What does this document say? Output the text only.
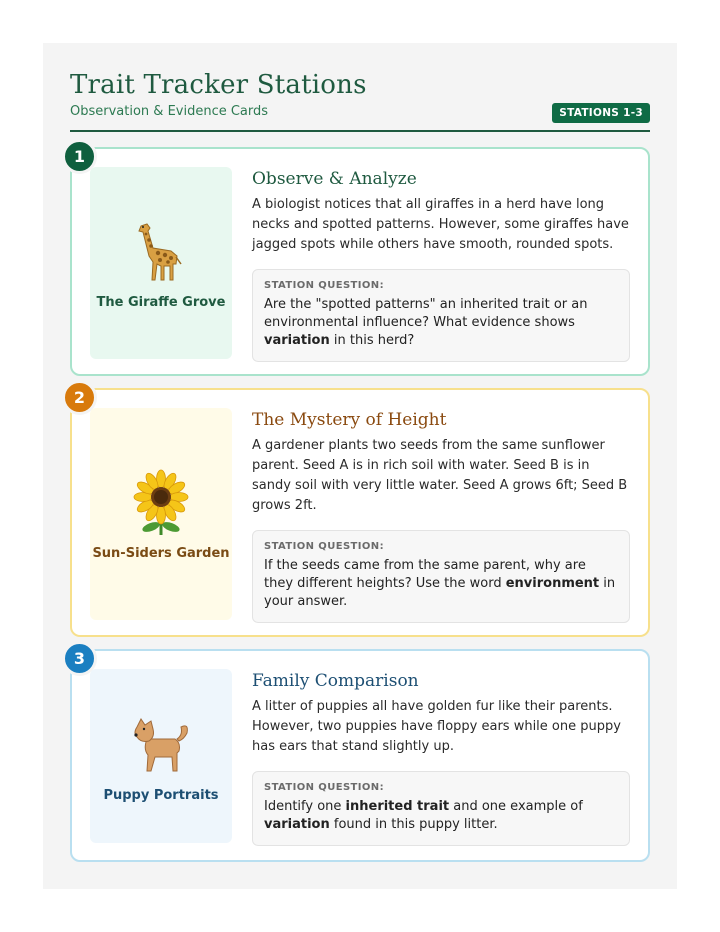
Trait Tracker Stations
Observation & Evidence Cards	STATIONS 1-3
1
The Giraffe Grove
Observe & Analyze
A biologist notices that all giraffes in a herd have long necks and spotted patterns. However, some giraffes have jagged spots while others have smooth, rounded spots.
STATION QUESTION:
Are the "spotted patterns" an inherited trait or an environmental influence? What evidence shows variation in this herd?
2
Sun-Siders Garden
The Mystery of Height
A gardener plants two seeds from the same sunflower parent. Seed A is in rich soil with water. Seed B is in sandy soil with very little water. Seed A grows 6ft; Seed B grows 2ft.
STATION QUESTION:
If the seeds came from the same parent, why are they different heights? Use the word environment in your answer.
3
Puppy Portraits
Family Comparison
A litter of puppies all have golden fur like their parents. However, two puppies have floppy ears while one puppy has ears that stand slightly up.
STATION QUESTION:
Identify one inherited trait and one example of variation found in this puppy litter.
